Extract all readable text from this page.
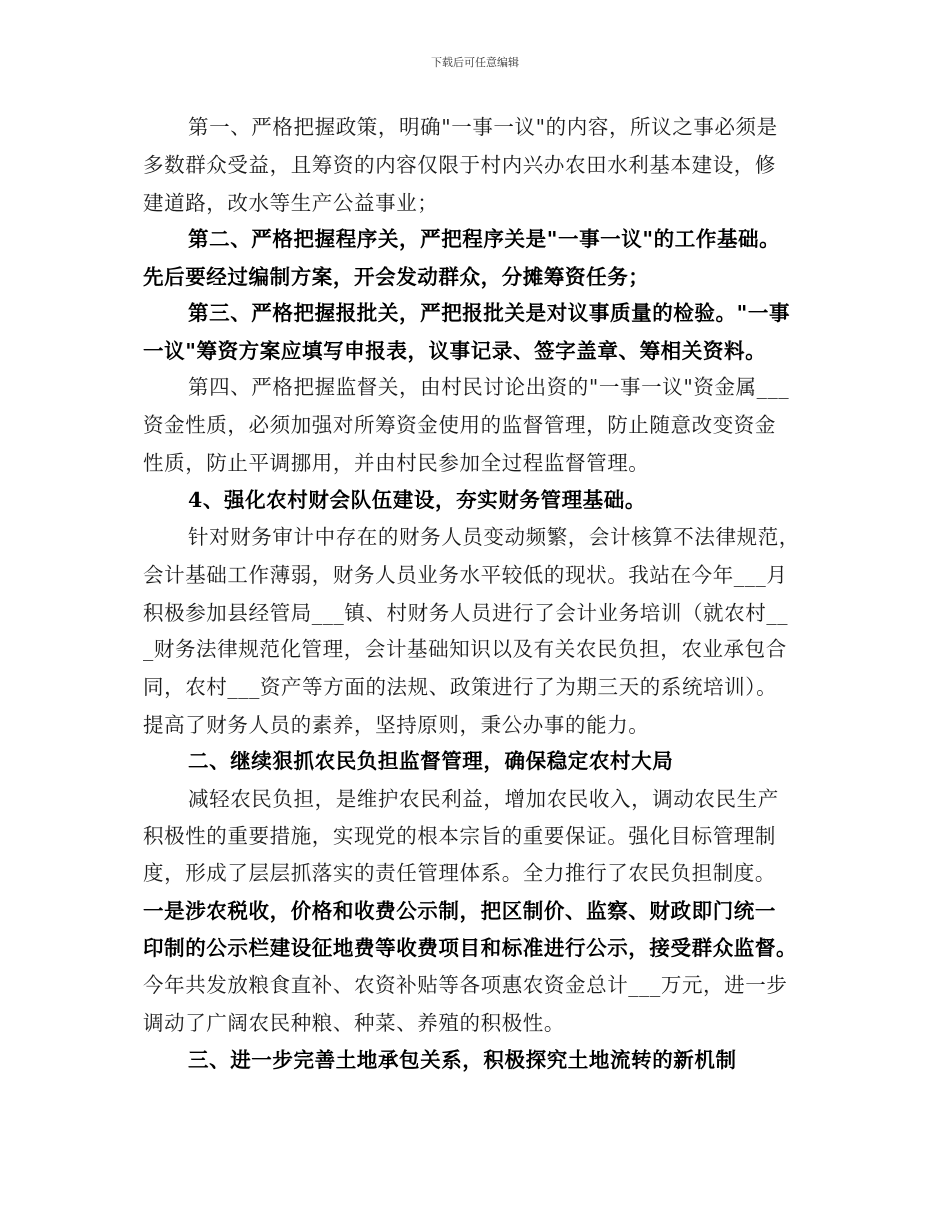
下载后可任意编辑
第一、严格把握政策，明确"一事一议"的内容，所议之事必须是
多数群众受益，且筹资的内容仅限于村内兴办农田水利基本建设，修
建道路，改水等生产公益事业；
第二、严格把握程序关，严把程序关是"一事一议"的工作基础。
先后要经过编制方案，开会发动群众，分摊筹资任务；
第三、严格把握报批关，严把报批关是对议事质量的检验。"一事
一议"筹资方案应填写申报表，议事记录、签字盖章、筹相关资料。
第四、严格把握监督关，由村民讨论出资的"一事一议"资金属___
资金性质，必须加强对所筹资金使用的监督管理，防止随意改变资金
性质，防止平调挪用，并由村民参加全过程监督管理。
4、强化农村财会队伍建设，夯实财务管理基础。
针对财务审计中存在的财务人员变动频繁，会计核算不法律规范，
会计基础工作薄弱，财务人员业务水平较低的现状。我站在今年___月
积极参加县经管局___镇、村财务人员进行了会计业务培训（就农村__
_财务法律规范化管理，会计基础知识以及有关农民负担，农业承包合
同，农村___资产等方面的法规、政策进行了为期三天的系统培训）。
提高了财务人员的素养，坚持原则，秉公办事的能力。
二、继续狠抓农民负担监督管理，确保稳定农村大局
减轻农民负担，是维护农民利益，增加农民收入，调动农民生产
积极性的重要措施，实现党的根本宗旨的重要保证。强化目标管理制
度，形成了层层抓落实的责任管理体系。全力推行了农民负担制度。
一是涉农税收，价格和收费公示制，把区制价、监察、财政即门统一
印制的公示栏建设征地费等收费项目和标准进行公示，接受群众监督。
今年共发放粮食直补、农资补贴等各项惠农资金总计___万元，进一步
调动了广阔农民种粮、种菜、养殖的积极性。
三、进一步完善土地承包关系，积极探究土地流转的新机制
